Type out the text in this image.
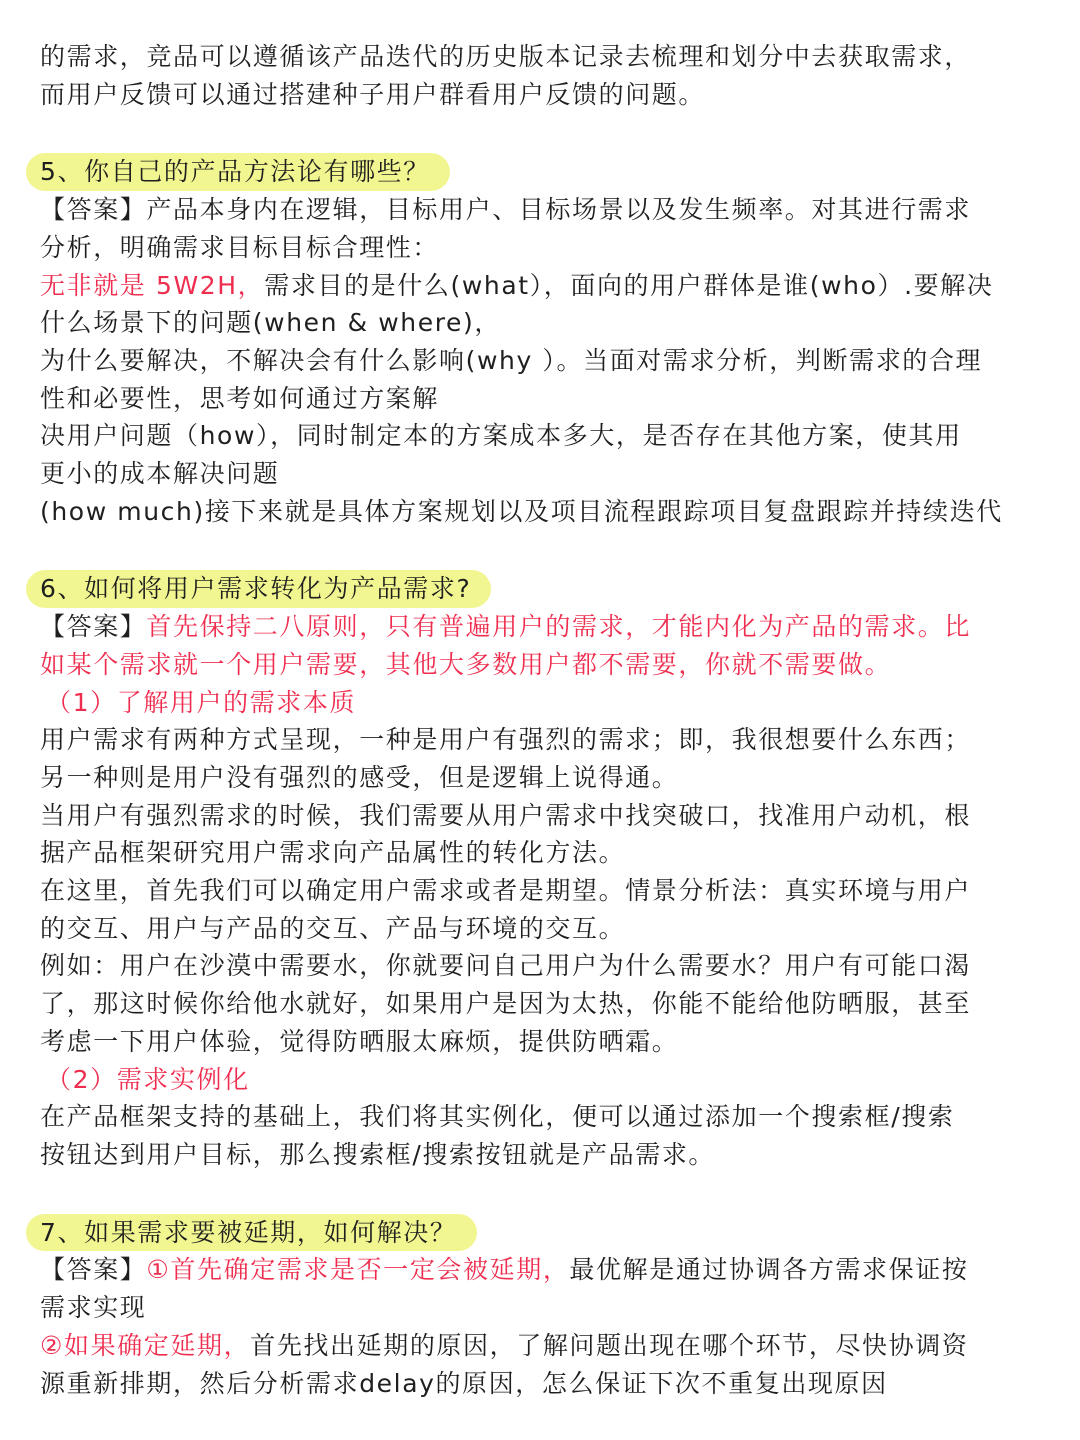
的需求，竞品可以遵循该产品迭代的历史版本记录去梳理和划分中去获取需求，

而用户反馈可以通过搭建种子用户群看用户反馈的问题。

5、你自己的产品方法论有哪些？

【答案】产品本身内在逻辑，目标用户、目标场景以及发生频率。对其进行需求

分析，明确需求目标目标合理性：

无非就是 5W2H，需求目的是什么(what），面向的用户群体是谁(who）.要解决

什么场景下的问题(when & where)，

为什么要解决，不解决会有什么影响(why ）。当面对需求分析，判断需求的合理

性和必要性，思考如何通过方案解

决用户问题（how），同时制定本的方案成本多大，是否存在其他方案，使其用

更小的成本解决问题

(how much)接下来就是具体方案规划以及项目流程跟踪项目复盘跟踪并持续迭代

6、如何将用户需求转化为产品需求?

【答案】首先保持二八原则，只有普遍用户的需求，才能内化为产品的需求。比

如某个需求就一个用户需要，其他大多数用户都不需要，你就不需要做。

（1）了解用户的需求本质

用户需求有两种方式呈现，一种是用户有强烈的需求；即，我很想要什么东西；

另一种则是用户没有强烈的感受，但是逻辑上说得通。

当用户有强烈需求的时候，我们需要从用户需求中找突破口，找准用户动机，根

据产品框架研究用户需求向产品属性的转化方法。

在这里，首先我们可以确定用户需求或者是期望。情景分析法：真实环境与用户

的交互、用户与产品的交互、产品与环境的交互。

例如：用户在沙漠中需要水，你就要问自己用户为什么需要水？用户有可能口渴

了，那这时候你给他水就好，如果用户是因为太热，你能不能给他防晒服，甚至

考虑一下用户体验，觉得防晒服太麻烦，提供防晒霜。

（2）需求实例化

在产品框架支持的基础上，我们将其实例化，便可以通过添加一个搜索框/搜索

按钮达到用户目标，那么搜索框/搜索按钮就是产品需求。

7、如果需求要被延期，如何解决？

【答案】①首先确定需求是否一定会被延期，最优解是通过协调各方需求保证按

需求实现

②如果确定延期，首先找出延期的原因，了解问题出现在哪个环节，尽快协调资

源重新排期，然后分析需求delay的原因，怎么保证下次不重复出现原因
